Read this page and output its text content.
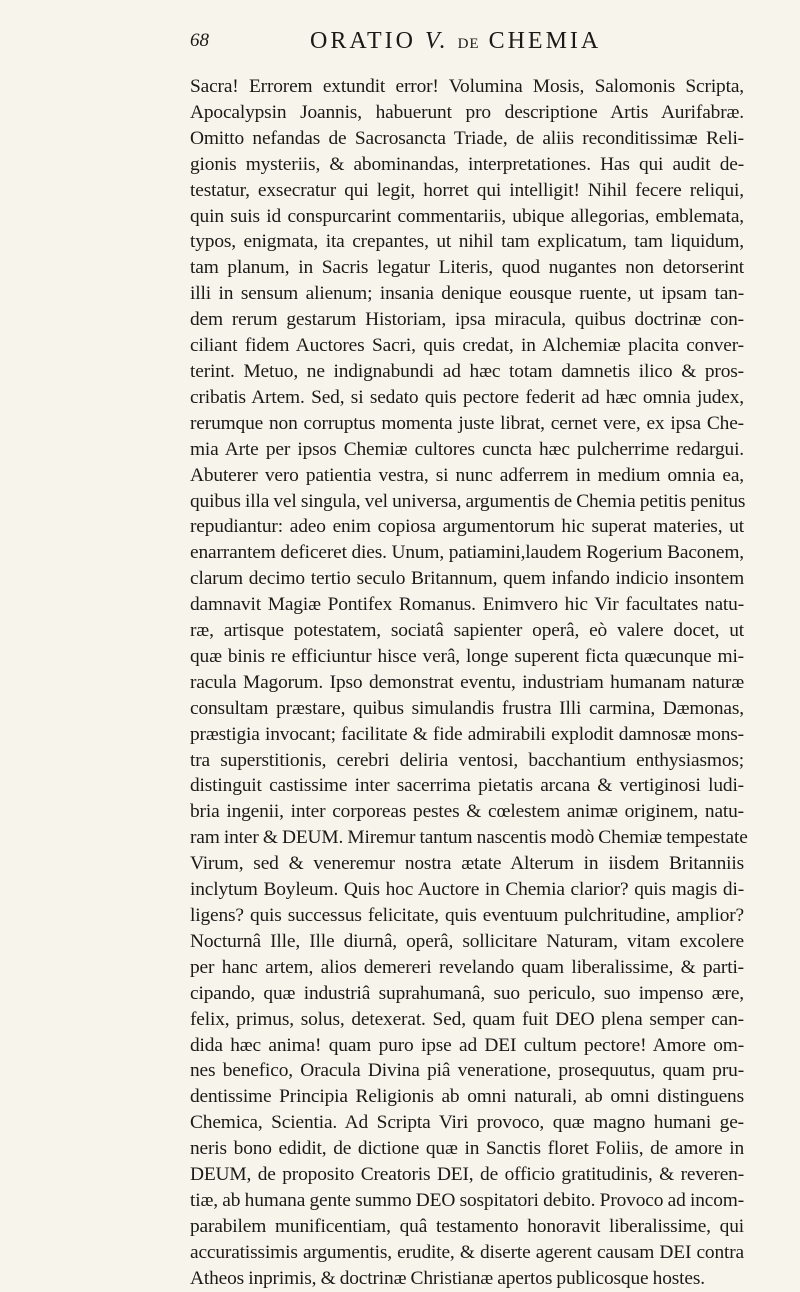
68	ORATIO V. DE CHEMIA
Sacra! Errorem extundit error! Volumina Mosis, Salomonis Scripta,
Apocalypsin Joannis, habuerunt pro descriptione Artis Aurifabræ.
Omitto nefandas de Sacrosancta Triade, de aliis reconditissimæ Reli-
gionis mysteriis, & abominandas, interpretationes. Has qui audit de-
testatur, exsecratur qui legit, horret qui intelligit! Nihil fecere reliqui,
quin suis id conspurcarint commentariis, ubique allegorias, emblemata,
typos, enigmata, ita crepantes, ut nihil tam explicatum, tam liquidum,
tam planum, in Sacris legatur Literis, quod nugantes non detorserint
illi in sensum alienum; insania denique eousque ruente, ut ipsam tan-
dem rerum gestarum Historiam, ipsa miracula, quibus doctrinæ con-
ciliant fidem Auctores Sacri, quis credat, in Alchemiæ placita conver-
terint. Metuo, ne indignabundi ad hæc totam damnetis ilico & pros-
cribatis Artem. Sed, si sedato quis pectore federit ad hæc omnia judex,
rerumque non corruptus momenta juste librat, cernet vere, ex ipsa Che-
mia Arte per ipsos Chemiæ cultores cuncta hæc pulcherrime redargui.
Abuterer vero patientia vestra, si nunc adferrem in medium omnia ea,
quibus illa vel singula, vel universa, argumentis de Chemia petitis penitus
repudiantur: adeo enim copiosa argumentorum hic superat materies, ut
enarrantem deficeret dies. Unum, patiamini,laudem Rogerium Baconem,
clarum decimo tertio seculo Britannum, quem infando indicio insontem
damnavit Magiæ Pontifex Romanus. Enimvero hic Vir facultates natu-
ræ, artisque potestatem, sociatâ sapienter operâ, eò valere docet, ut
quæ binis re efficiuntur hisce verâ, longe superent ficta quæcunque mi-
racula Magorum. Ipso demonstrat eventu, industriam humanam naturæ
consultam præstare, quibus simulandis frustra Illi carmina, Dæmonas,
præstigia invocant; facilitate & fide admirabili explodit damnosæ mons-
tra superstitionis, cerebri deliria ventosi, bacchantium enthysiasmos;
distinguit castissime inter sacerrima pietatis arcana & vertiginosi ludi-
bria ingenii, inter corporeas pestes & cœlestem animæ originem, natu-
ram inter & DEUM. Miremur tantum nascentis modò Chemiæ tempestate
Virum, sed & veneremur nostra ætate Alterum in iisdem Britanniis
inclytum Boyleum. Quis hoc Auctore in Chemia clarior? quis magis di-
ligens? quis successus felicitate, quis eventuum pulchritudine, amplior?
Nocturnâ Ille, Ille diurnâ, operâ, sollicitare Naturam, vitam excolere
per hanc artem, alios demereri revelando quam liberalissime, & parti-
cipando, quæ industriâ suprahumanâ, suo periculo, suo impenso ære,
felix, primus, solus, detexerat. Sed, quam fuit DEO plena semper can-
dida hæc anima! quam puro ipse ad DEI cultum pectore! Amore om-
nes benefico, Oracula Divina piâ veneratione, prosequutus, quam pru-
dentissime Principia Religionis ab omni naturali, ab omni distinguens
Chemica, Scientia. Ad Scripta Viri provoco, quæ magno humani ge-
neris bono edidit, de dictione quæ in Sanctis floret Foliis, de amore in
DEUM, de proposito Creatoris DEI, de officio gratitudinis, & reveren-
tiæ, ab humana gente summo DEO sospitatori debito. Provoco ad incom-
parabilem munificentiam, quâ testamento honoravit liberalissime, qui
accuratissimis argumentis, erudite, & diserte agerent causam DEI contra
Atheos inprimis, & doctrinæ Christianæ apertos publicosque hostes.
